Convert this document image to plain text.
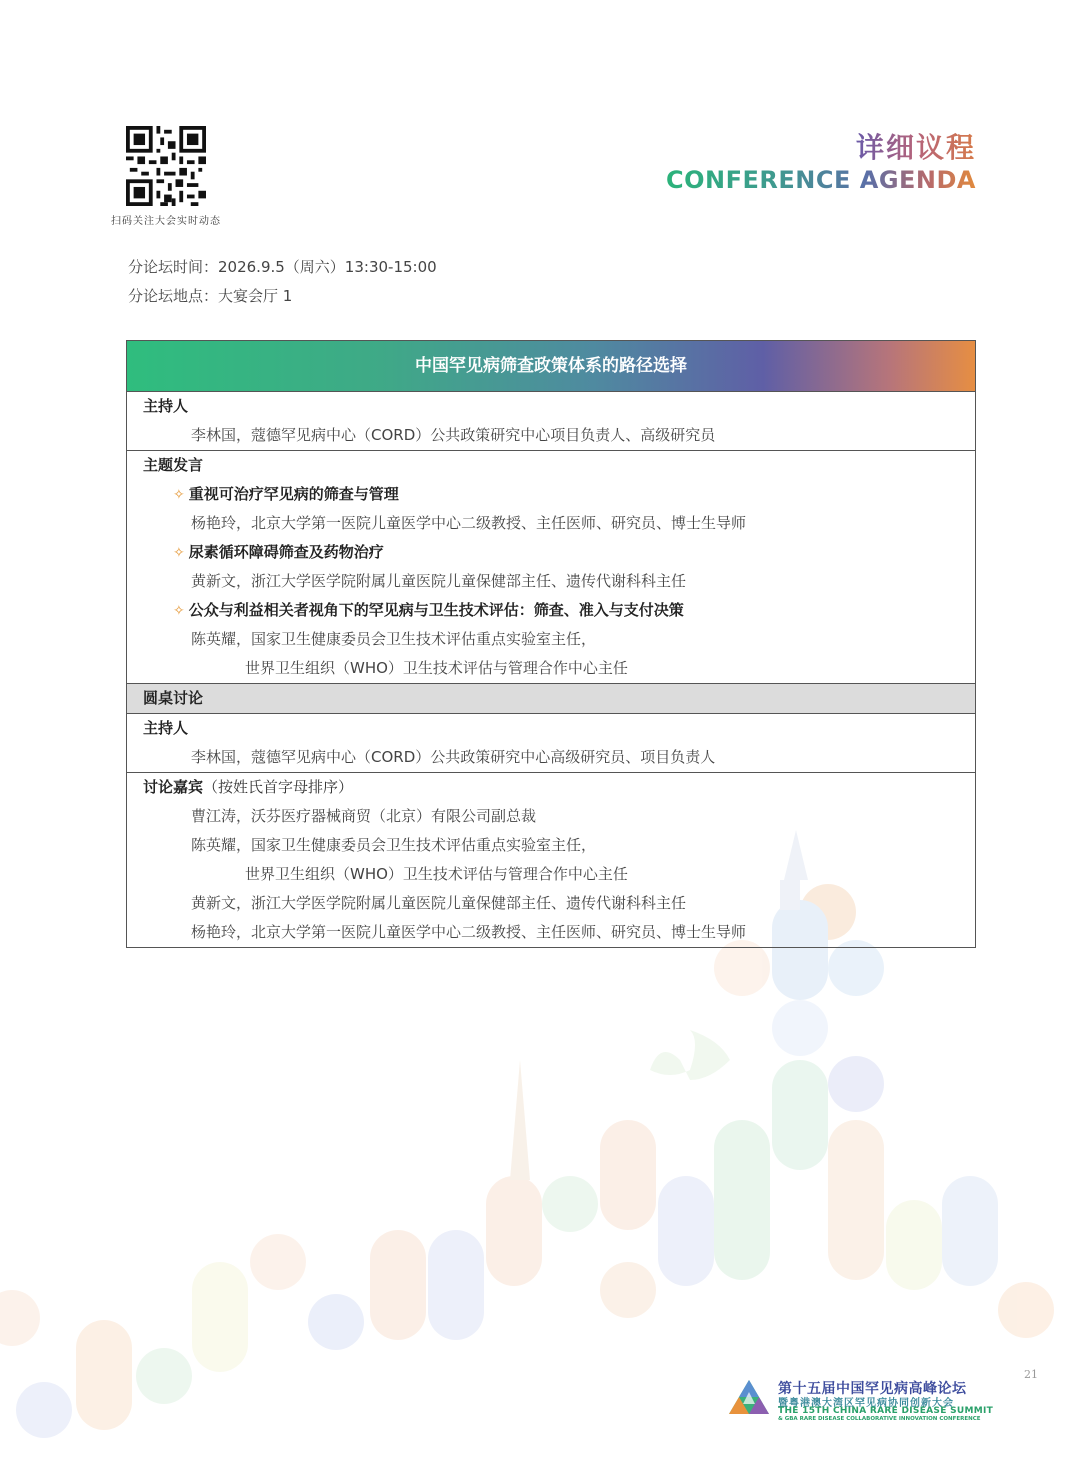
扫码关注大会实时动态
详细议程
CONFERENCE AGENDA
分论坛时间：2026.9.5（周六）13:30-15:00
分论坛地点：大宴会厅 1
中国罕见病筛查政策体系的路径选择
主持人
李林国，蔻德罕见病中心（CORD）公共政策研究中心项目负责人、高级研究员
主题发言
✧ 重视可治疗罕见病的筛查与管理
杨艳玲，北京大学第一医院儿童医学中心二级教授、主任医师、研究员、博士生导师
✧ 尿素循环障碍筛查及药物治疗
黄新文，浙江大学医学院附属儿童医院儿童保健部主任、遗传代谢科科主任
✧ 公众与利益相关者视角下的罕见病与卫生技术评估：筛查、准入与支付决策
陈英耀，国家卫生健康委员会卫生技术评估重点实验室主任，
世界卫生组织（WHO）卫生技术评估与管理合作中心主任
圆桌讨论
主持人
李林国，蔻德罕见病中心（CORD）公共政策研究中心高级研究员、项目负责人
讨论嘉宾（按姓氏首字母排序）
曹江涛，沃芬医疗器械商贸（北京）有限公司副总裁
陈英耀，国家卫生健康委员会卫生技术评估重点实验室主任，
世界卫生组织（WHO）卫生技术评估与管理合作中心主任
黄新文，浙江大学医学院附属儿童医院儿童保健部主任、遗传代谢科科主任
杨艳玲，北京大学第一医院儿童医学中心二级教授、主任医师、研究员、博士生导师
第十五届中国罕见病高峰论坛
暨粤港澳大湾区罕见病协同创新大会
THE 15TH CHINA RARE DISEASE SUMMIT
& GBA RARE DISEASE COLLABORATIVE INNOVATION CONFERENCE
21
